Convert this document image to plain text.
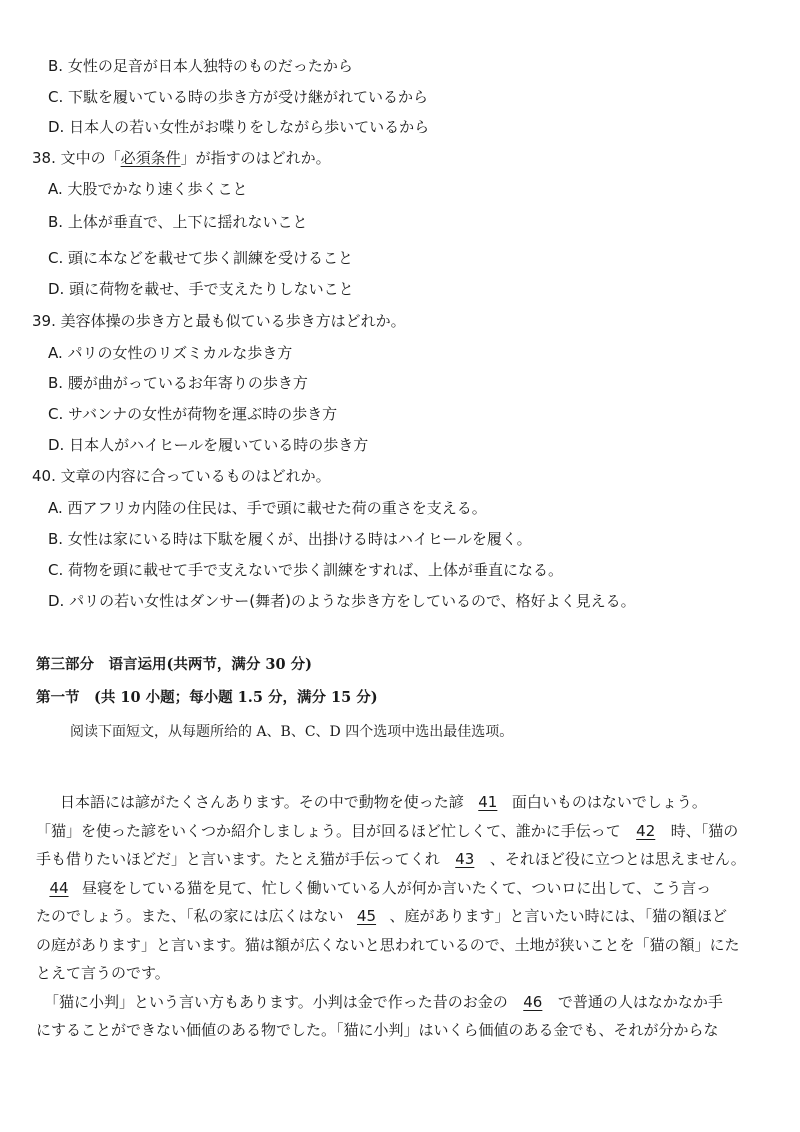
B. 女性の足音が日本人独特のものだったから
C. 下駄を履いている時の歩き方が受け継がれているから
D. 日本人の若い女性がお喋りをしながら歩いているから
38. 文中の「必須条件」が指すのはどれか。
A. 大股でかなり速く歩くこと
B. 上体が垂直で、上下に揺れないこと
C. 頭に本などを載せて歩く訓練を受けること
D. 頭に荷物を載せ、手で支えたりしないこと
39. 美容体操の歩き方と最も似ている歩き方はどれか。
A. パリの女性のリズミカルな歩き方
B. 腰が曲がっているお年寄りの歩き方
C. サバンナの女性が荷物を運ぶ時の歩き方
D. 日本人がハイヒールを履いている時の歩き方
40. 文章の内容に合っているものはどれか。
A. 西アフリカ内陸の住民は、手で頭に載せた荷の重さを支える。
B. 女性は家にいる時は下駄を履くが、出掛ける時はハイヒールを履く。
C. 荷物を頭に載せて手で支えないで歩く訓練をすれば、上体が垂直になる。
D. パリの若い女性はダンサー(舞者)のような歩き方をしているので、格好よく見える。
第三部分　语言运用(共两节，满分 30 分)
第一节　(共 10 小题；每小题 1.5 分，满分 15 分)
阅读下面短文，从每题所给的 A、B、C、D 四个选项中选出最佳选项。
日本語には諺がたくさんあります。その中で動物を使った諺 41 面白いものはないでしょう。
「猫」を使った諺をいくつか紹介しましょう。目が回るほど忙しくて、誰かに手伝って 42 時、「猫の
手も借りたいほどだ」と言います。たとえ猫が手伝ってくれ 43 、それほど役に立つとは思えません。
44 昼寝をしている猫を見て、忙しく働いている人が何か言いたくて、ついロに出して、こう言っ
たのでしょう。また、「私の家には広くはない 45 、庭があります」と言いたい時には、「猫の額ほど
の庭があります」と言います。猫は額が広くないと思われているので、土地が狭いことを「猫の額」にた
とえて言うのです。
「猫に小判」という言い方もあります。小判は金で作った昔のお金の 46 で普通の人はなかなか手
にすることができない価値のある物でした。「猫に小判」はいくら価値のある金でも、それが分からな
